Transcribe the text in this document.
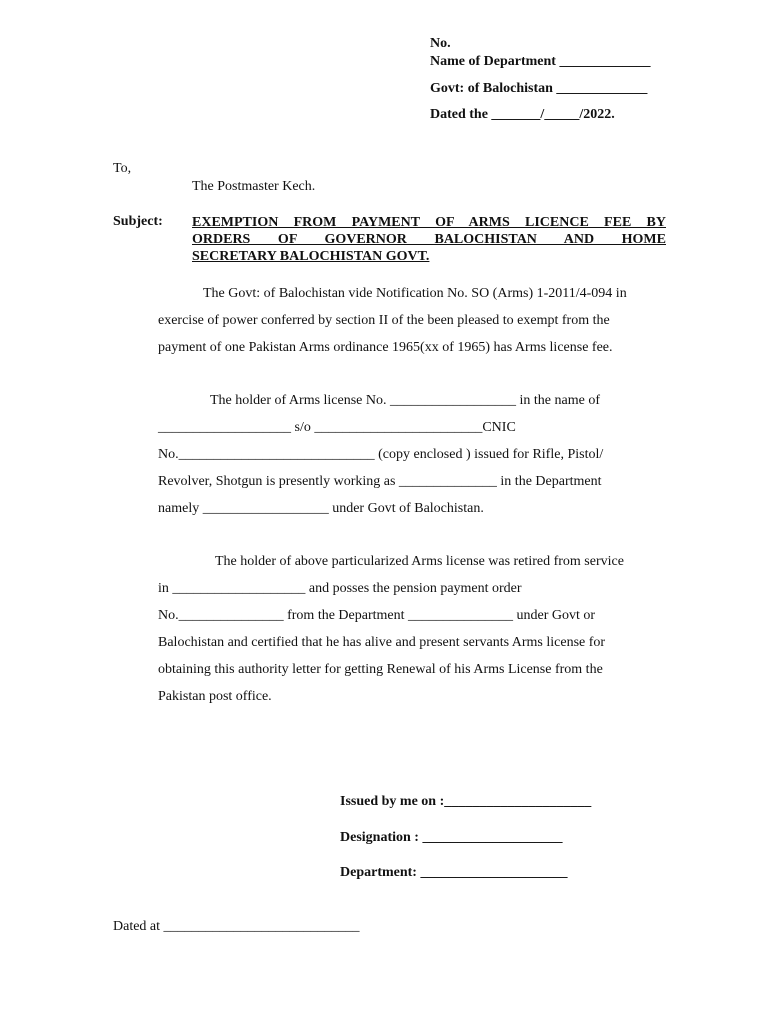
No.
Name of Department _____________
Govt: of Balochistan _____________
Dated the _______/_____/2022.
To,
The Postmaster Kech.
Subject: EXEMPTION FROM PAYMENT OF ARMS LICENCE FEE BY
ORDERS OF GOVERNOR BALOCHISTAN AND HOME
SECRETARY BALOCHISTAN GOVT.
The Govt: of Balochistan vide Notification No. SO (Arms) 1-2011/4-094 in
exercise of power conferred by section II of the been pleased to exempt from the
payment of one Pakistan Arms ordinance 1965(xx of 1965) has Arms license fee.
The holder of Arms license No. __________________ in the name of
___________________ s/o ________________________CNIC
No.____________________________ (copy enclosed ) issued for Rifle, Pistol/
Revolver, Shotgun is presently working as ______________ in the Department
namely __________________ under Govt of Balochistan.
The holder of above particularized Arms license was retired from service
in ___________________ and posses the pension payment order
No._______________ from the Department _______________ under Govt or
Balochistan and certified that he has alive and present servants Arms license for
obtaining this authority letter for getting Renewal of his Arms License from the
Pakistan post office.
Issued by me on :_____________________
Designation : ____________________
Department: _____________________
Dated at ____________________________
